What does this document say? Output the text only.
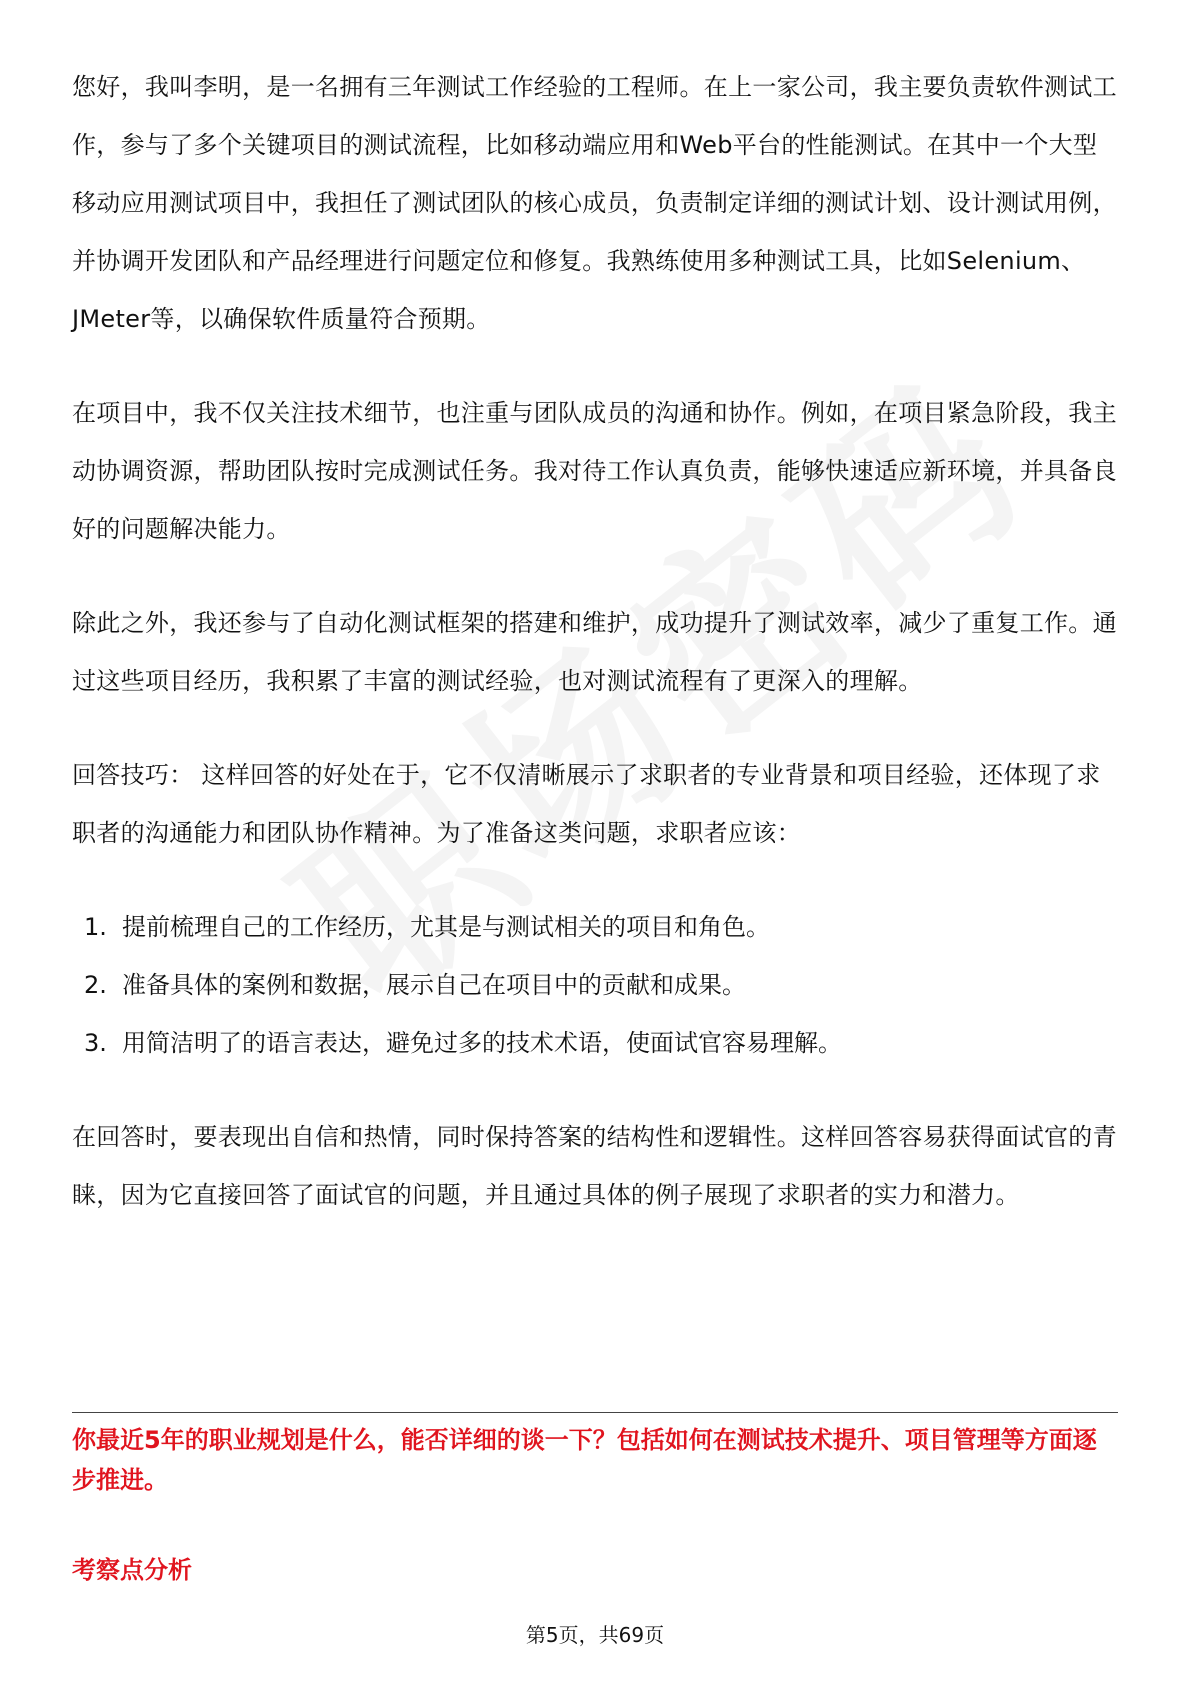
您好，我叫李明，是一名拥有三年测试工作经验的工程师。在上一家公司，我主要负责软件测试工作，参与了多个关键项目的测试流程，比如移动端应用和Web平台的性能测试。在其中一个大型移动应用测试项目中，我担任了测试团队的核心成员，负责制定详细的测试计划、设计测试用例，并协调开发团队和产品经理进行问题定位和修复。我熟练使用多种测试工具，比如Selenium、JMeter等，以确保软件质量符合预期。

在项目中，我不仅关注技术细节，也注重与团队成员的沟通和协作。例如，在项目紧急阶段，我主动协调资源，帮助团队按时完成测试任务。我对待工作认真负责，能够快速适应新环境，并具备良好的问题解决能力。

除此之外，我还参与了自动化测试框架的搭建和维护，成功提升了测试效率，减少了重复工作。通过这些项目经历，我积累了丰富的测试经验，也对测试流程有了更深入的理解。

回答技巧： 这样回答的好处在于，它不仅清晰展示了求职者的专业背景和项目经验，还体现了求职者的沟通能力和团队协作精神。为了准备这类问题，求职者应该：

1. 提前梳理自己的工作经历，尤其是与测试相关的项目和角色。
2. 准备具体的案例和数据，展示自己在项目中的贡献和成果。
3. 用简洁明了的语言表达，避免过多的技术术语，使面试官容易理解。

在回答时，要表现出自信和热情，同时保持答案的结构性和逻辑性。这样回答容易获得面试官的青睐，因为它直接回答了面试官的问题，并且通过具体的例子展现了求职者的实力和潜力。

你最近5年的职业规划是什么，能否详细的谈一下？包括如何在测试技术提升、项目管理等方面逐步推进。

考察点分析

第5页，共69页
